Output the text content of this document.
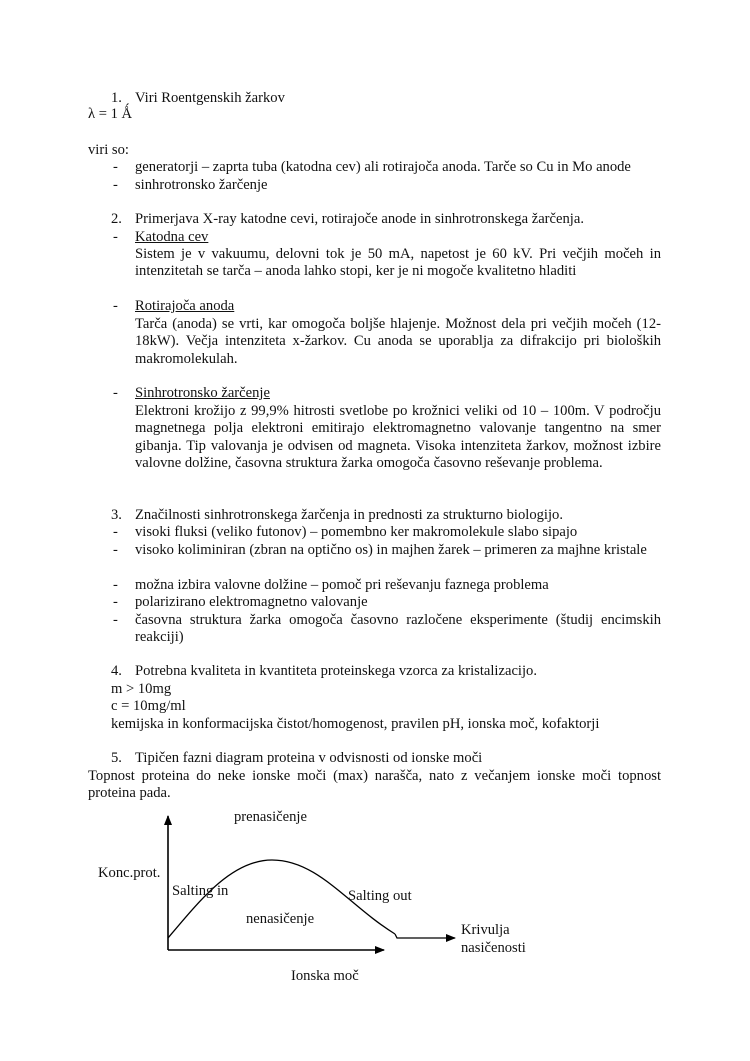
1. Viri Roentgenskih žarkov
λ = 1 Ǻ
viri so:
- generatorji – zaprta tuba (katodna cev) ali rotirajoča anoda. Tarče so Cu in Mo anode
- sinhrotronsko žarčenje
2. Primerjava X-ray katodne cevi, rotirajoče anode in sinhrotronskega žarčenja.
- Katodna cev
Sistem je v vakuumu, delovni tok je 50 mA, napetost je 60 kV. Pri večjih močeh in intenzitetah se tarča – anoda lahko stopi, ker je ni mogoče kvalitetno hladiti
- Rotirajoča anoda
Tarča (anoda) se vrti, kar omogoča boljše hlajenje. Možnost dela pri večjih močeh (12-18kW). Večja intenziteta x-žarkov. Cu anoda se uporablja za difrakcijo pri bioloških makromolekulah.
- Sinhrotronsko žarčenje
Elektroni krožijo z 99,9% hitrosti svetlobe po krožnici veliki od 10 – 100m. V področju magnetnega polja elektroni emitirajo elektromagnetno valovanje tangentno na smer gibanja. Tip valovanja je odvisen od magneta. Visoka intenziteta žarkov, možnost izbire valovne dolžine, časovna struktura žarka omogoča časovno reševanje problema.
3. Značilnosti sinhrotronskega žarčenja in prednosti za strukturno biologijo.
- visoki fluksi (veliko futonov) – pomembno ker makromolekule slabo sipajo
- visoko koliminiran (zbran na optično os) in majhen žarek – primeren za majhne kristale
- možna izbira valovne dolžine – pomoč pri reševanju faznega problema
- polarizirano elektromagnetno valovanje
- časovna struktura žarka omogoča časovno razločene eksperimente (študij encimskih reakciji)
4. Potrebna kvaliteta in kvantiteta proteinskega vzorca za kristalizacijo.
m > 10mg
c = 10mg/ml
kemijska in konformacijska čistot/homogenost, pravilen pH, ionska moč, kofaktorji
5. Tipičen fazni diagram proteina v odvisnosti od ionske moči
Topnost proteina do neke ionske moči (max) narašča, nato z večanjem ionske moči topnost proteina pada.
prenasičenje
Konc.prot.
Salting in	Salting out
nenasičenje
Krivulja
nasičenosti
Ionska moč
